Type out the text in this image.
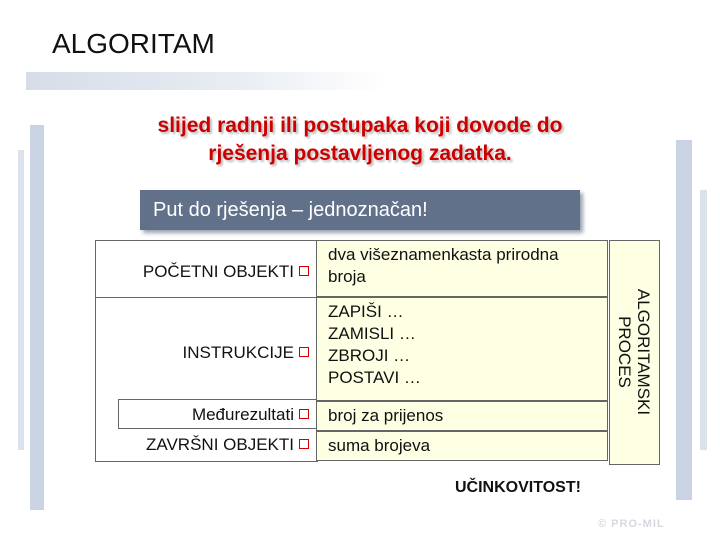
ALGORITAM
slijed radnji ili postupaka koji dovode do
rješenja postavljenog zadatka.
Put do rješenja – jednoznačan!
dva višeznamenkasta prirodna
broja
ZAPIŠI …
ZAMISLI …
ZBROJI …
POSTAVI …
broj za prijenos
suma brojeva
POČETNI OBJEKTI
INSTRUKCIJE
Međurezultati
ZAVRŠNI OBJEKTI
ALGORITAMSKI
PROCES
UČINKOVITOST!
© PRO-MIL
